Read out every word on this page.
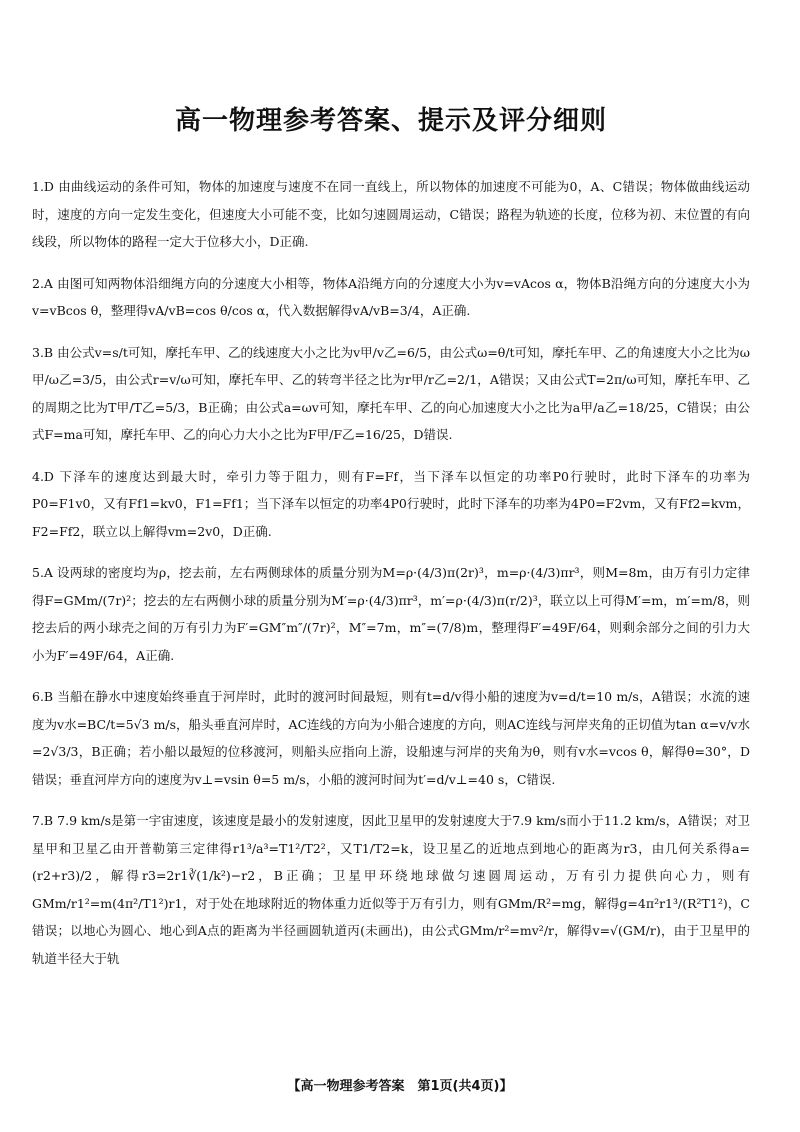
高一物理参考答案、提示及评分细则

1.D 由曲线运动的条件可知，物体的加速度与速度不在同一直线上，所以物体的加速度不可能为0，A、C错误；物体做曲线运动时，速度的方向一定发生变化，但速度大小可能不变，比如匀速圆周运动，C错误；路程为轨迹的长度，位移为初、末位置的有向线段，所以物体的路程一定大于位移大小，D正确.

2.A 由图可知两物体沿细绳方向的分速度大小相等，物体A沿绳方向的分速度大小为v=vAcos α，物体B沿绳方向的分速度大小为v=vBcos θ，整理得vA/vB=cos θ/cos α，代入数据解得vA/vB=3/4，A正确.

3.B 由公式v=s/t可知，摩托车甲、乙的线速度大小之比为v甲/v乙=6/5，由公式ω=θ/t可知，摩托车甲、乙的角速度大小之比为ω甲/ω乙=3/5，由公式r=v/ω可知，摩托车甲、乙的转弯半径之比为r甲/r乙=2/1，A错误；又由公式T=2π/ω可知，摩托车甲、乙的周期之比为T甲/T乙=5/3，B正确；由公式a=ωv可知，摩托车甲、乙的向心加速度大小之比为a甲/a乙=18/25，C错误；由公式F=ma可知，摩托车甲、乙的向心力大小之比为F甲/F乙=16/25，D错误.

4.D 下泽车的速度达到最大时，牵引力等于阻力，则有F=Ff，当下泽车以恒定的功率P0行驶时，此时下泽车的功率为P0=F1v0，又有Ff1=kv0，F1=Ff1；当下泽车以恒定的功率4P0行驶时，此时下泽车的功率为4P0=F2vm，又有Ff2=kvm，F2=Ff2，联立以上解得vm=2v0，D正确.

5.A 设两球的密度均为ρ，挖去前，左右两侧球体的质量分别为M=ρ·(4/3)π(2r)³，m=ρ·(4/3)πr³，则M=8m，由万有引力定律得F=GMm/(7r)²；挖去的左右两侧小球的质量分别为M′=ρ·(4/3)πr³，m′=ρ·(4/3)π(r/2)³，联立以上可得M′=m，m′=m/8，则挖去后的两小球壳之间的万有引力为F′=GM″m″/(7r)²，M″=7m，m″=(7/8)m，整理得F′=49F/64，则剩余部分之间的引力大小为F′=49F/64，A正确.

6.B 当船在静水中速度始终垂直于河岸时，此时的渡河时间最短，则有t=d/v得小船的速度为v=d/t=10 m/s，A错误；水流的速度为v水=BC/t=5√3 m/s，船头垂直河岸时，AC连线的方向为小船合速度的方向，则AC连线与河岸夹角的正切值为tan α=v/v水=2√3/3，B正确；若小船以最短的位移渡河，则船头应指向上游，设船速与河岸的夹角为θ，则有v水=vcos θ，解得θ=30°，D错误；垂直河岸方向的速度为v⊥=vsin θ=5 m/s，小船的渡河时间为t′=d/v⊥=40 s，C错误.

7.B 7.9 km/s是第一宇宙速度，该速度是最小的发射速度，因此卫星甲的发射速度大于7.9 km/s而小于11.2 km/s，A错误；对卫星甲和卫星乙由开普勒第三定律得r1³/a³=T1²/T2²，又T1/T2=k，设卫星乙的近地点到地心的距离为r3，由几何关系得a=(r2+r3)/2，解得r3=2r1∛(1/k²)−r2，B正确；卫星甲环绕地球做匀速圆周运动，万有引力提供向心力，则有GMm/r1²=m(4π²/T1²)r1，对于处在地球附近的物体重力近似等于万有引力，则有GMm/R²=mg，解得g=4π²r1³/(R²T1²)，C错误；以地心为圆心、地心到A点的距离为半径画圆轨道丙(未画出)，由公式GMm/r²=mv²/r，解得v=√(GM/r)，由于卫星甲的轨道半径大于轨

【高一物理参考答案　第1页(共4页)】
